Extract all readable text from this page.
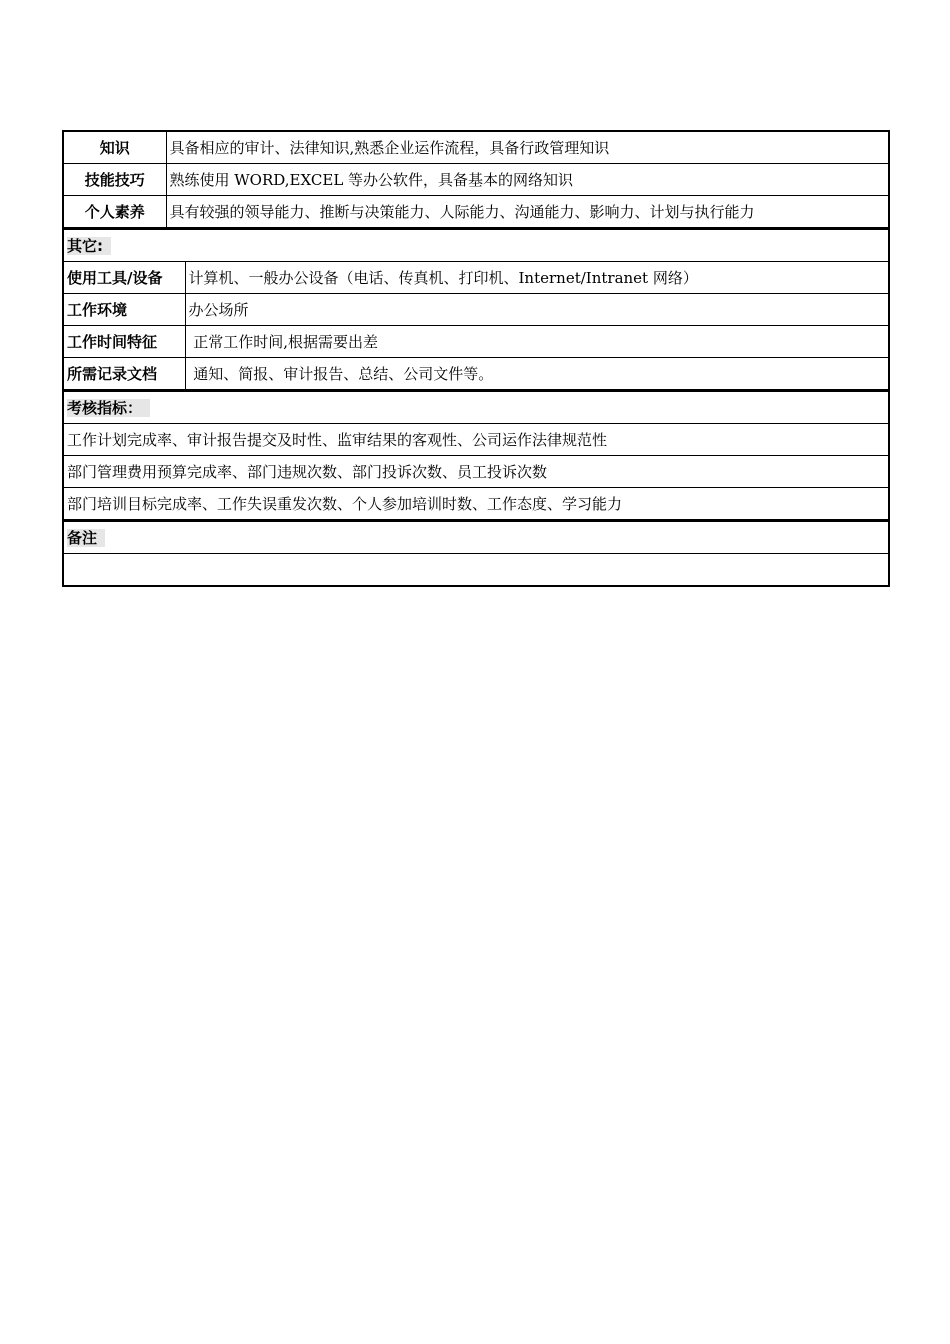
知识	具备相应的审计、法律知识,熟悉企业运作流程，具备行政管理知识
技能技巧	熟练使用 WORD,EXCEL 等办公软件，具备基本的网络知识
个人素养	具有较强的领导能力、推断与决策能力、人际能力、沟通能力、影响力、计划与执行能力
其它:	
使用工具/设备	计算机、一般办公设备（电话、传真机、打印机、Internet/Intranet 网络）
工作环境	办公场所
工作时间特征	正常工作时间,根据需要出差
所需记录文档	通知、简报、审计报告、总结、公司文件等。
考核指标：
工作计划完成率、审计报告提交及时性、监审结果的客观性、公司运作法律规范性
部门管理费用预算完成率、部门违规次数、部门投诉次数、员工投诉次数
部门培训目标完成率、工作失误重发次数、个人参加培训时数、工作态度、学习能力
备注
